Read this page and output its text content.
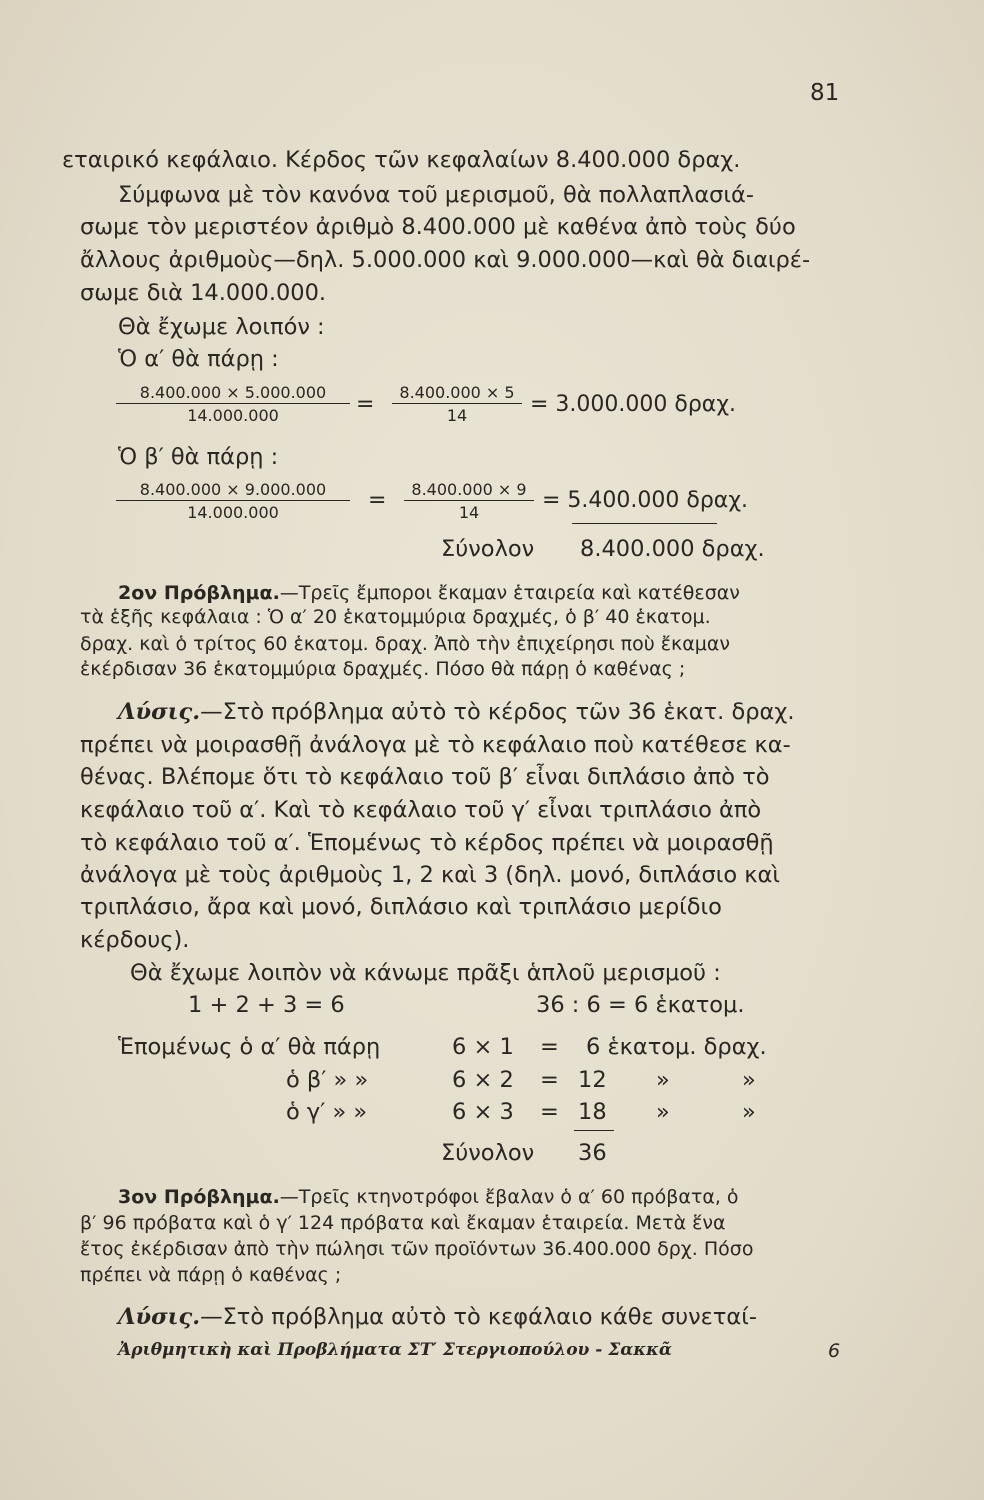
81
εταιρικό κεφάλαιο. Κέρδος τῶν κεφαλαίων 8.400.000 δραχ.
Σύμφωνα μὲ τὸν κανόνα τοῦ μερισμοῦ, θὰ πολλαπλασιά-
σωμε τὸν μεριστέον ἀριθμὸ 8.400.000 μὲ καθένα ἀπὸ τοὺς δύο
ἄλλους ἀριθμοὺς—δηλ. 5.000.000 καὶ 9.000.000—καὶ θὰ διαιρέ-
σωμε διὰ 14.000.000.
Θὰ ἔχωμε λοιπόν :
Ὁ α′ θὰ πάρῃ :
8.400.000 × 5.000.000
14.000.000	=	8.400.000 × 5
14	= 3.000.000 δραχ.
Ὁ β′ θὰ πάρῃ :
8.400.000 × 9.000.000
14.000.000	=	8.400.000 × 9
14	= 5.400.000 δραχ.
Σύνολον 8.400.000 δραχ.
2ον Πρόβλημα.—Τρεῖς ἔμποροι ἔκαμαν ἑταιρεία καὶ κατέθεσαν
τὰ ἑξῆς κεφάλαια : Ὁ α′ 20 ἑκατομμύρια δραχμές, ὁ β′ 40 ἑκατομ.
δραχ. καὶ ὁ τρίτος 60 ἑκατομ. δραχ. Ἀπὸ τὴν ἐπιχείρησι ποὺ ἔκαμαν
ἐκέρδισαν 36 ἑκατομμύρια δραχμές. Πόσο θὰ πάρῃ ὁ καθένας ;
Λύσις.—Στὸ πρόβλημα αὐτὸ τὸ κέρδος τῶν 36 ἑκατ. δραχ.
πρέπει νὰ μοιρασθῇ ἀνάλογα μὲ τὸ κεφάλαιο ποὺ κατέθεσε κα-
θένας. Βλέπομε ὅτι τὸ κεφάλαιο τοῦ β′ εἶναι διπλάσιο ἀπὸ τὸ
κεφάλαιο τοῦ α′. Καὶ τὸ κεφάλαιο τοῦ γ′ εἶναι τριπλάσιο ἀπὸ
τὸ κεφάλαιο τοῦ α′. Ἑπομένως τὸ κέρδος πρέπει νὰ μοιρασθῇ
ἀνάλογα μὲ τοὺς ἀριθμοὺς 1, 2 καὶ 3 (δηλ. μονό, διπλάσιο καὶ
τριπλάσιο, ἄρα καὶ μονό, διπλάσιο καὶ τριπλάσιο μερίδιο
κέρδους).
Θὰ ἔχωμε λοιπὸν νὰ κάνωμε πρᾶξι ἁπλοῦ μερισμοῦ :
1 + 2 + 3 = 6	36 : 6 = 6 ἑκατομ.
Ἑπομένως ὁ α′ θὰ πάρῃ	6 × 1 = 6 ἑκατομ. δραχ.
ὁ β′ » »	6 × 2 = 12 »	»
ὁ γ′ » »	6 × 3 = 18 »	»
Σύνολον 36
3ον Πρόβλημα.—Τρεῖς κτηνοτρόφοι ἔβαλαν ὁ α′ 60 πρόβατα, ὁ
β′ 96 πρόβατα καὶ ὁ γ′ 124 πρόβατα καὶ ἔκαμαν ἑταιρεία. Μετὰ ἕνα
ἔτος ἐκέρδισαν ἀπὸ τὴν πώλησι τῶν προϊόντων 36.400.000 δρχ. Πόσο
πρέπει νὰ πάρῃ ὁ καθένας ;
Λύσις.—Στὸ πρόβλημα αὐτὸ τὸ κεφάλαιο κάθε συνεταί-
Ἀριθμητικὴ καὶ Προβλήματα ΣΤ′ Στεργιοπούλου - Σακκᾶ	6
